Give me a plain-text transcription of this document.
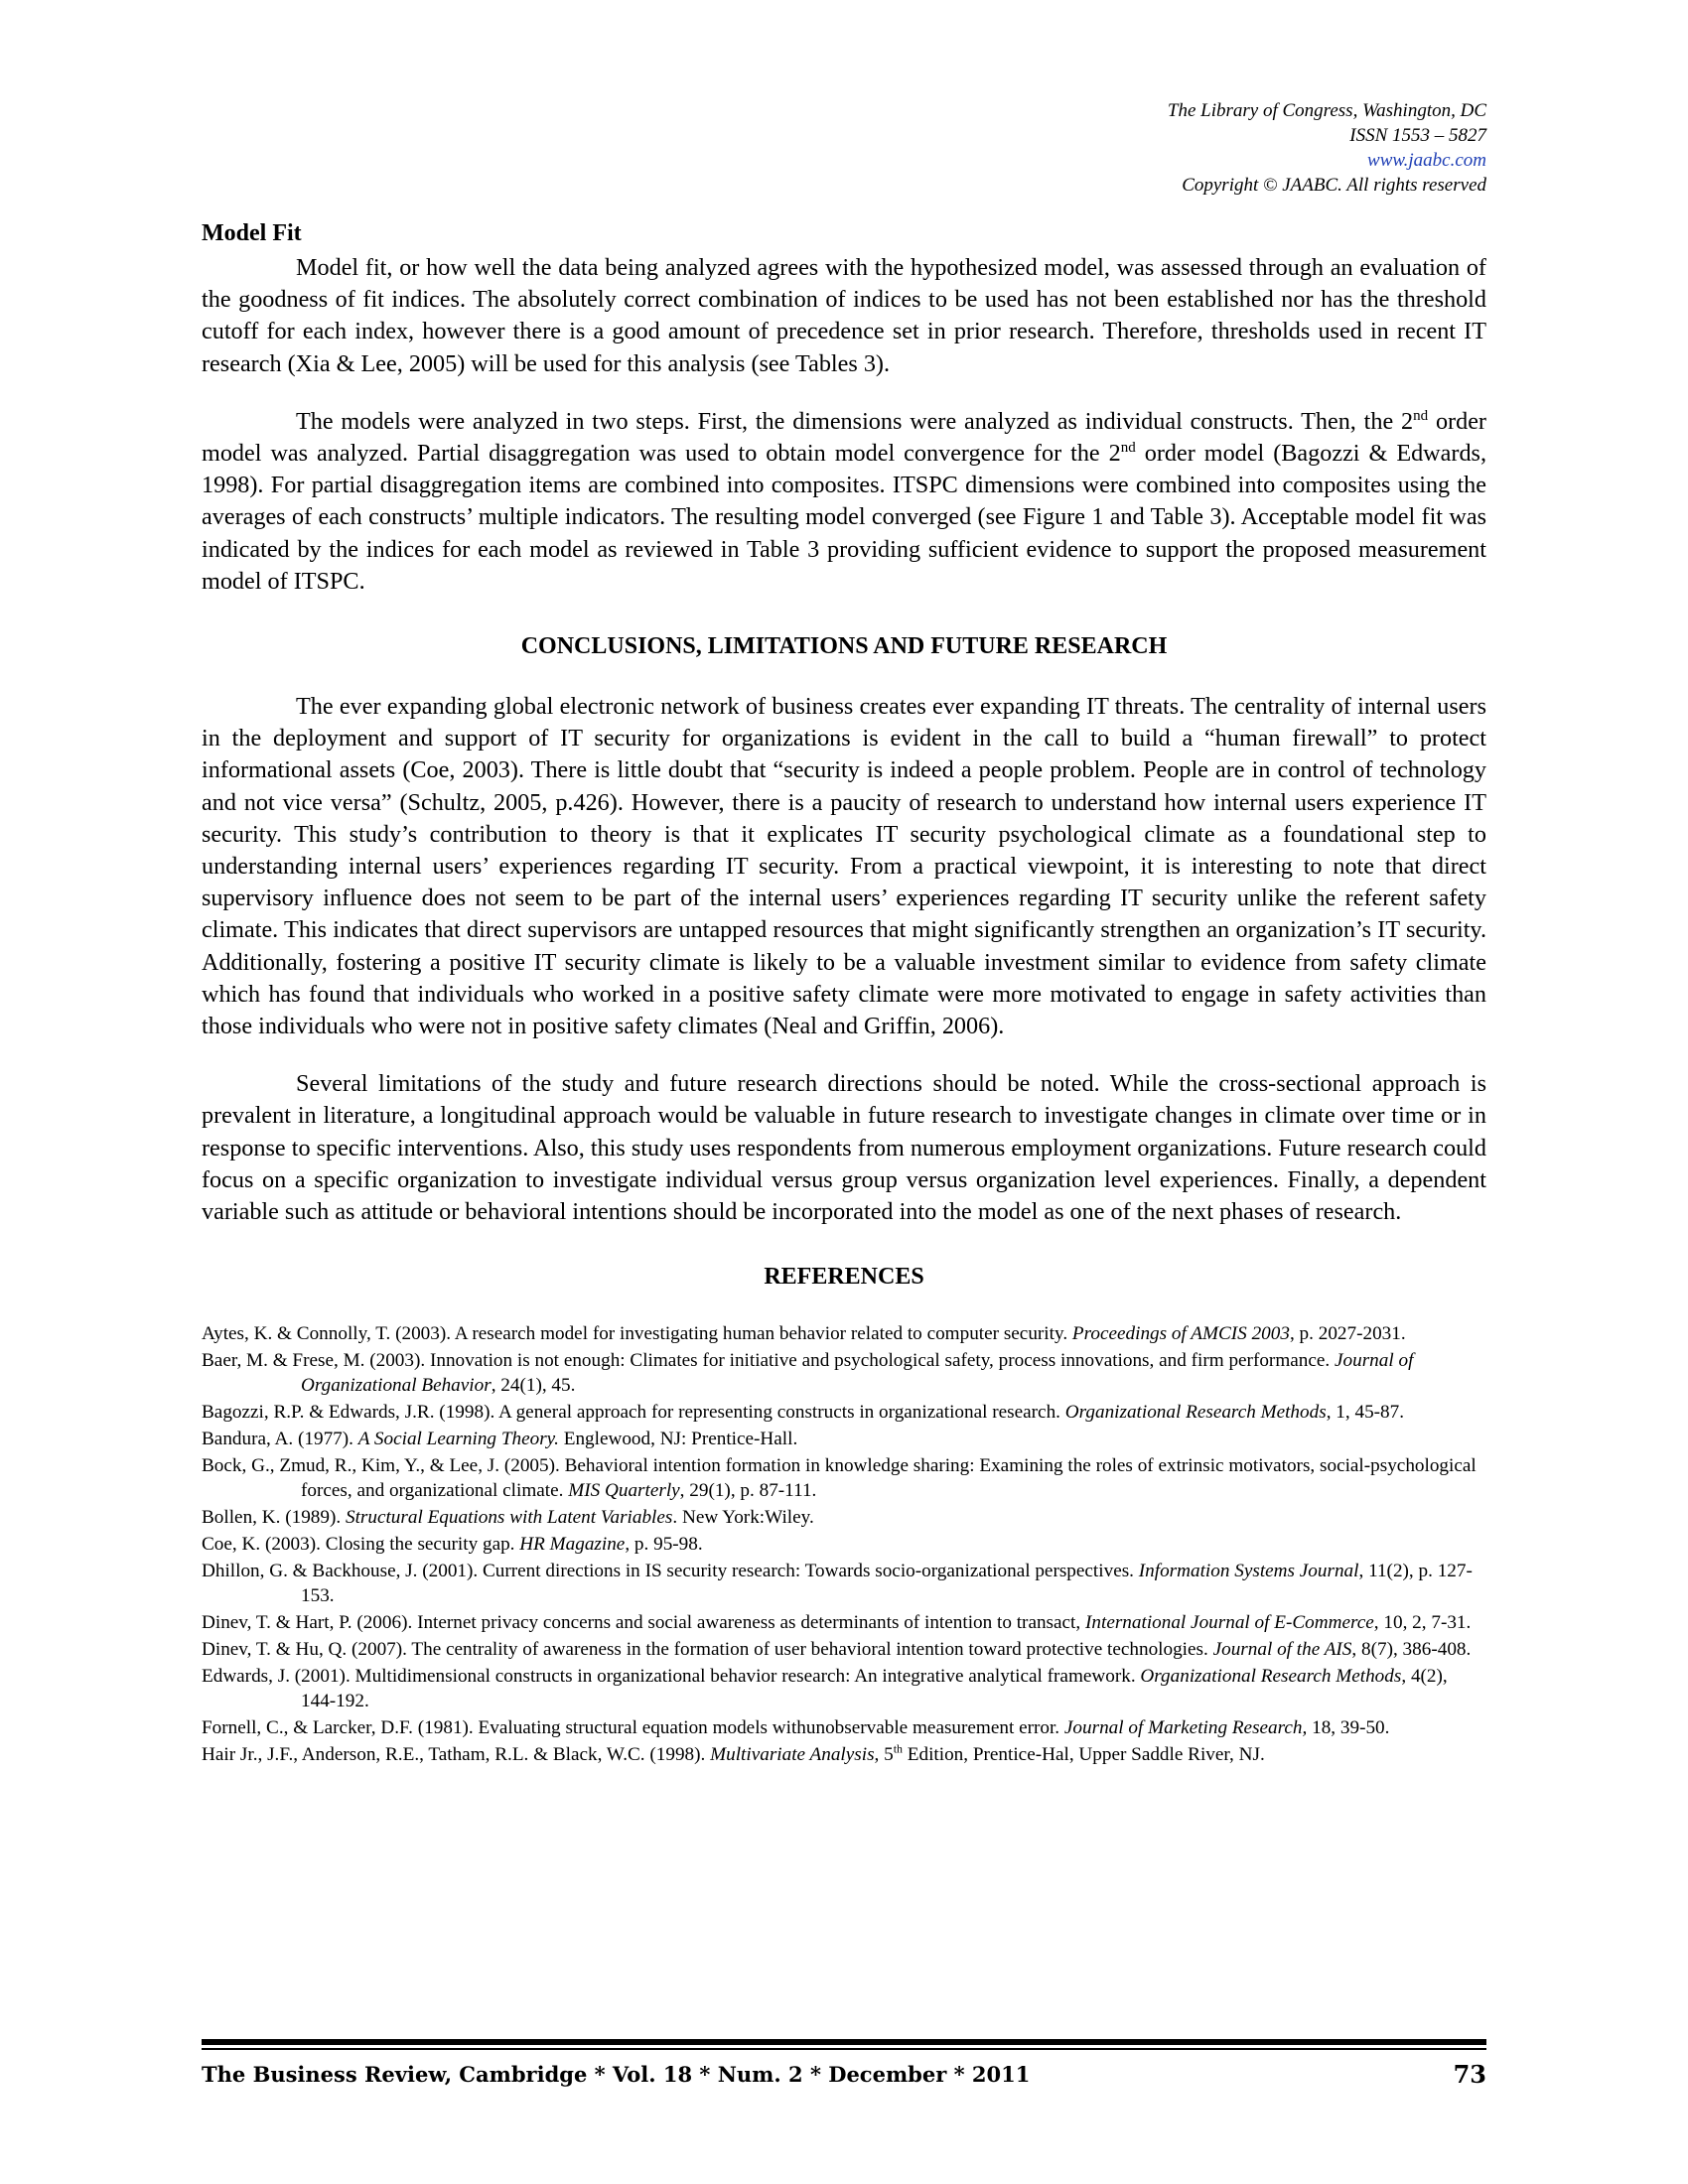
The Library of Congress, Washington, DC
ISSN 1553 – 5827
www.jaabc.com
Copyright © JAABC. All rights reserved
Model Fit

Model fit, or how well the data being analyzed agrees with the hypothesized model, was assessed through an evaluation of the goodness of fit indices. The absolutely correct combination of indices to be used has not been established nor has the threshold cutoff for each index, however there is a good amount of precedence set in prior research. Therefore, thresholds used in recent IT research (Xia & Lee, 2005) will be used for this analysis (see Tables 3).

The models were analyzed in two steps. First, the dimensions were analyzed as individual constructs. Then, the 2nd order model was analyzed. Partial disaggregation was used to obtain model convergence for the 2nd order model (Bagozzi & Edwards, 1998). For partial disaggregation items are combined into composites. ITSPC dimensions were combined into composites using the averages of each constructs’ multiple indicators. The resulting model converged (see Figure 1 and Table 3). Acceptable model fit was indicated by the indices for each model as reviewed in Table 3 providing sufficient evidence to support the proposed measurement model of ITSPC.

CONCLUSIONS, LIMITATIONS AND FUTURE RESEARCH

The ever expanding global electronic network of business creates ever expanding IT threats. The centrality of internal users in the deployment and support of IT security for organizations is evident in the call to build a “human firewall” to protect informational assets (Coe, 2003). There is little doubt that “security is indeed a people problem. People are in control of technology and not vice versa” (Schultz, 2005, p.426). However, there is a paucity of research to understand how internal users experience IT security. This study’s contribution to theory is that it explicates IT security psychological climate as a foundational step to understanding internal users’ experiences regarding IT security. From a practical viewpoint, it is interesting to note that direct supervisory influence does not seem to be part of the internal users’ experiences regarding IT security unlike the referent safety climate. This indicates that direct supervisors are untapped resources that might significantly strengthen an organization’s IT security. Additionally, fostering a positive IT security climate is likely to be a valuable investment similar to evidence from safety climate which has found that individuals who worked in a positive safety climate were more motivated to engage in safety activities than those individuals who were not in positive safety climates (Neal and Griffin, 2006).

Several limitations of the study and future research directions should be noted. While the cross-sectional approach is prevalent in literature, a longitudinal approach would be valuable in future research to investigate changes in climate over time or in response to specific interventions. Also, this study uses respondents from numerous employment organizations. Future research could focus on a specific organization to investigate individual versus group versus organization level experiences. Finally, a dependent variable such as attitude or behavioral intentions should be incorporated into the model as one of the next phases of research.

REFERENCES
Aytes, K. & Connolly, T. (2003). A research model for investigating human behavior related to computer security. Proceedings of AMCIS 2003, p. 2027-2031.
Baer, M. & Frese, M. (2003). Innovation is not enough: Climates for initiative and psychological safety, process innovations, and firm performance. Journal of Organizational Behavior, 24(1), 45.
Bagozzi, R.P. & Edwards, J.R. (1998). A general approach for representing constructs in organizational research. Organizational Research Methods, 1, 45-87.
Bandura, A. (1977). A Social Learning Theory. Englewood, NJ: Prentice-Hall.
Bock, G., Zmud, R., Kim, Y., & Lee, J. (2005). Behavioral intention formation in knowledge sharing: Examining the roles of extrinsic motivators, social-psychological forces, and organizational climate. MIS Quarterly, 29(1), p. 87-111.
Bollen, K. (1989). Structural Equations with Latent Variables. New York:Wiley.
Coe, K. (2003). Closing the security gap. HR Magazine, p. 95-98.
Dhillon, G. & Backhouse, J. (2001). Current directions in IS security research: Towards socio-organizational perspectives. Information Systems Journal, 11(2), p. 127-153.
Dinev, T. & Hart, P. (2006). Internet privacy concerns and social awareness as determinants of intention to transact, International Journal of E-Commerce, 10, 2, 7-31.
Dinev, T. & Hu, Q. (2007). The centrality of awareness in the formation of user behavioral intention toward protective technologies. Journal of the AIS, 8(7), 386-408.
Edwards, J. (2001). Multidimensional constructs in organizational behavior research: An integrative analytical framework. Organizational Research Methods, 4(2), 144-192.
Fornell, C., & Larcker, D.F. (1981). Evaluating structural equation models withunobservable measurement error. Journal of Marketing Research, 18, 39-50.
Hair Jr., J.F., Anderson, R.E., Tatham, R.L. & Black, W.C. (1998). Multivariate Analysis, 5th Edition, Prentice-Hal, Upper Saddle River, NJ.
The Business Review, Cambridge * Vol. 18 * Num. 2 * December * 2011	73
